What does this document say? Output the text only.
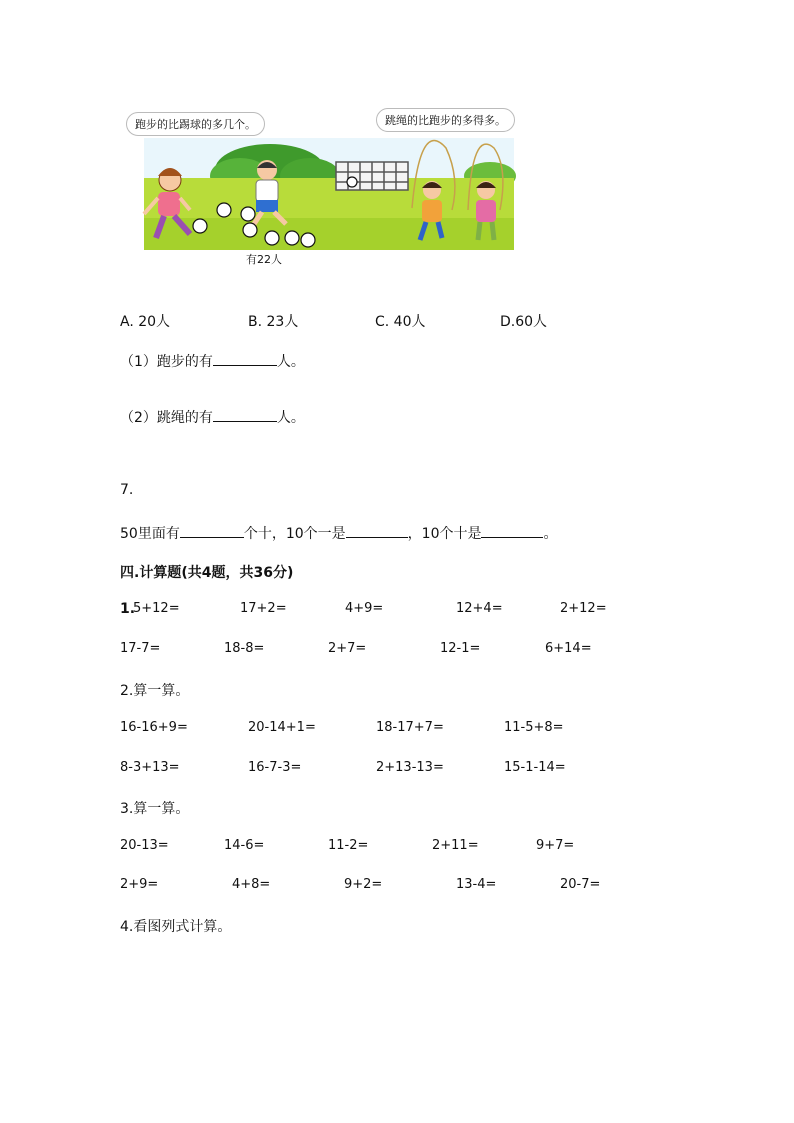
跑步的比踢球的多几个。	跳绳的比跑步的多得多。
有22人
A. 20人	B. 23人	C. 40人	D.60人
（1）跑步的有	人。
（2）跳绳的有	人。
7.
50里面有	个十，10个一是	，10个十是	。
四.计算题(共4题，共36分)
1.
5+12=	17+2=	4+9=	12+4=	2+12=
17-7=	18-8=	2+7=	12-1=	6+14=
2.算一算。
16-16+9=	20-14+1=	18-17+7=	11-5+8=
8-3+13=	16-7-3=	2+13-13=	15-1-14=
3.算一算。
20-13=	14-6=	11-2=	2+11=	9+7=
2+9=	4+8=	9+2=	13-4=	20-7=
4.看图列式计算。
